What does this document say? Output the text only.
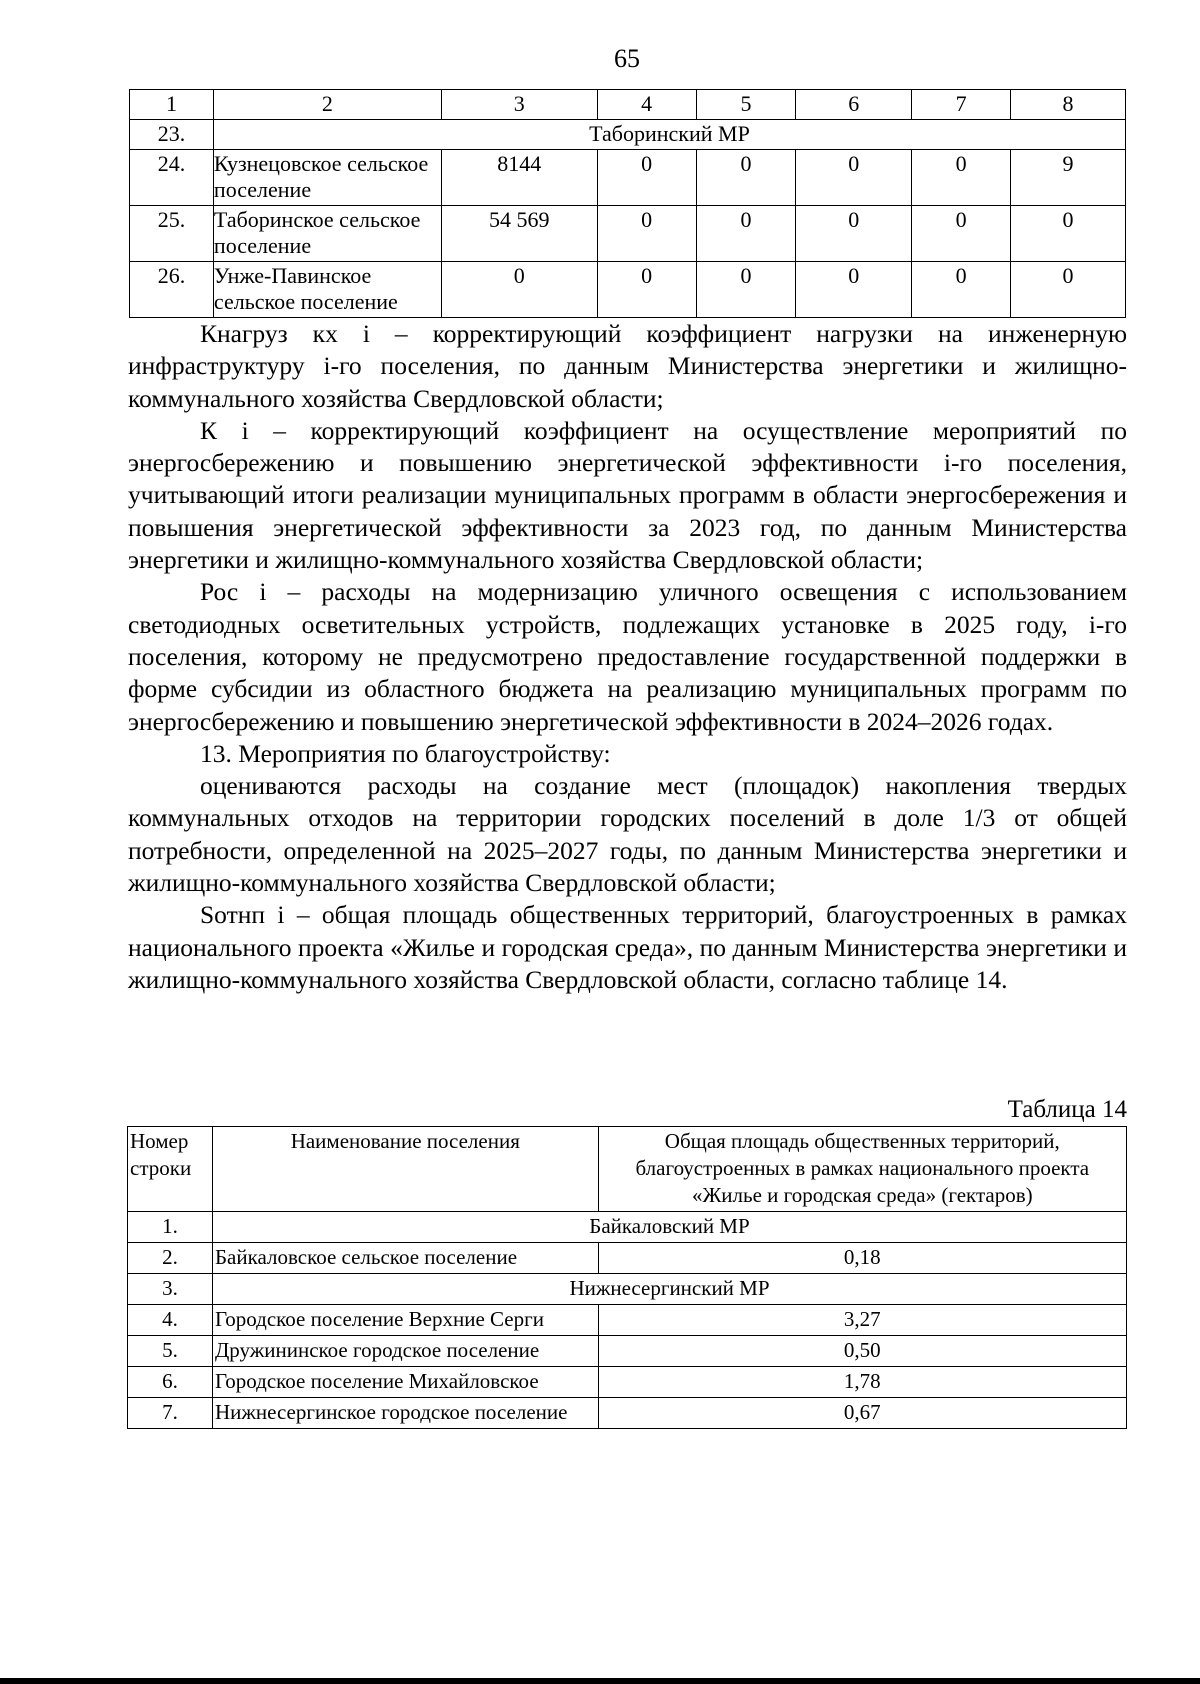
65
1	2	3	4	5	6	7	8
23.	Таборинский МР						
24.	Кузнецовское сельское поселение	8144	0	0	0	0	9
25.	Таборинское сельское поселение	54 569	0	0	0	0	0
26.	Унже-Павинское сельское поселение	0	0	0	0	0	0

Кнагруз кх i – корректирующий коэффициент нагрузки на инженерную инфраструктуру i-го поселения, по данным Министерства энергетики и жилищно-коммунального хозяйства Свердловской области;

К i – корректирующий коэффициент на осуществление мероприятий по энергосбережению и повышению энергетической эффективности i-го поселения, учитывающий итоги реализации муниципальных программ в области энергосбережения и повышения энергетической эффективности за 2023 год, по данным Министерства энергетики и жилищно-коммунального хозяйства Свердловской области;

Рос i – расходы на модернизацию уличного освещения с использованием светодиодных осветительных устройств, подлежащих установке в 2025 году, i-го поселения, которому не предусмотрено предоставление государственной поддержки в форме субсидии из областного бюджета на реализацию муниципальных программ по энергосбережению и повышению энергетической эффективности в 2024–2026 годах.

13. Мероприятия по благоустройству:

оцениваются расходы на создание мест (площадок) накопления твердых коммунальных отходов на территории городских поселений в доле 1/3 от общей потребности, определенной на 2025–2027 годы, по данным Министерства энергетики и жилищно-коммунального хозяйства Свердловской области;

Sотнп i – общая площадь общественных территорий, благоустроенных в рамках национального проекта «Жилье и городская среда», по данным Министерства энергетики и жилищно-коммунального хозяйства Свердловской области, согласно таблице 14.

Таблица 14
Номер строки	Наименование поселения	Общая площадь общественных территорий, благоустроенных в рамках национального проекта «Жилье и городская среда» (гектаров)
1.	Байкаловский МР	
2.	Байкаловское сельское поселение	0,18
3.	Нижнесергинский МР	
4.	Городское поселение Верхние Серги	3,27
5.	Дружининское городское поселение	0,50
6.	Городское поселение Михайловское	1,78
7.	Нижнесергинское городское поселение	0,67
